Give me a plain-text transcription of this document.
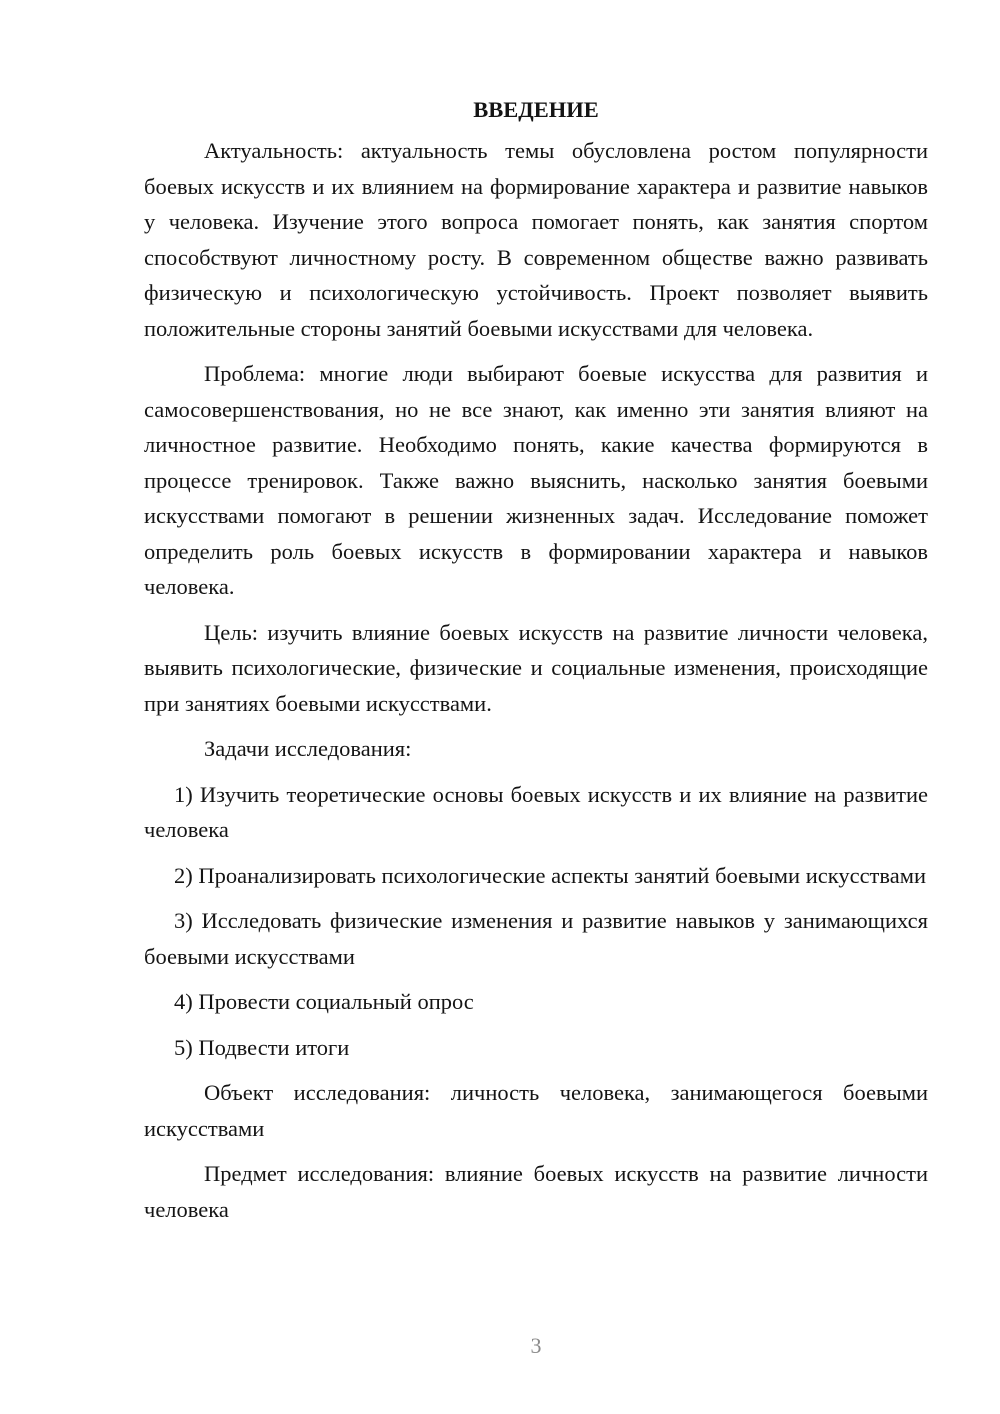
ВВЕДЕНИЕ

Актуальность: актуальность темы обусловлена ростом популярности боевых искусств и их влиянием на формирование характера и развитие навыков у человека. Изучение этого вопроса помогает понять, как занятия спортом способствуют личностному росту. В современном обществе важно развивать физическую и психологическую устойчивость. Проект позволяет выявить положительные стороны занятий боевыми искусствами для человека.

Проблема: многие люди выбирают боевые искусства для развития и самосовершенствования, но не все знают, как именно эти занятия влияют на личностное развитие. Необходимо понять, какие качества формируются в процессе тренировок. Также важно выяснить, насколько занятия боевыми искусствами помогают в решении жизненных задач. Исследование поможет определить роль боевых искусств в формировании характера и навыков человека.

Цель: изучить влияние боевых искусств на развитие личности человека, выявить психологические, физические и социальные изменения, происходящие при занятиях боевыми искусствами.

Задачи исследования:

1) Изучить теоретические основы боевых искусств и их влияние на развитие человека

2) Проанализировать психологические аспекты занятий боевыми искусствами

3) Исследовать физические изменения и развитие навыков у занимающихся боевыми искусствами

4) Провести социальный опрос

5) Подвести итоги

Объект исследования: личность человека, занимающегося боевыми искусствами

Предмет исследования: влияние боевых искусств на развитие личности человека

3
